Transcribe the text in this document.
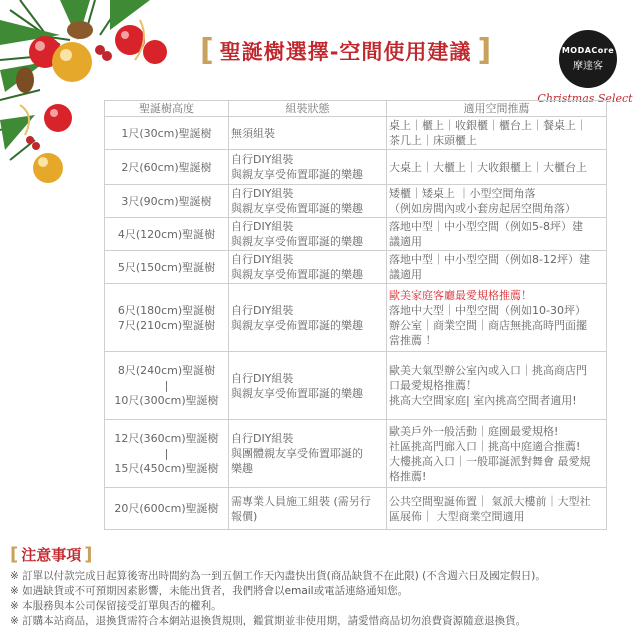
[ 聖誕樹選擇-空間使用建議 ]	MODACore
摩達客
Christmas Select
聖誕樹高度	組裝狀態	適用空間推薦

1尺(30cm)聖誕樹	無須組裝	桌上｜櫃上｜收銀櫃｜櫃台上｜餐桌上｜
茶几上｜床頭櫃上

2尺(60cm)聖誕樹	自行DIY組裝
與親友享受佈置耶誕的樂趣	大桌上｜大櫃上｜大收銀櫃上｜大櫃台上

3尺(90cm)聖誕樹	自行DIY組裝
與親友享受佈置耶誕的樂趣	矮櫃｜矮桌上 ｜小型空間角落
（例如房間內或小套房起居空間角落）

4尺(120cm)聖誕樹	自行DIY組裝
與親友享受佈置耶誕的樂趣	落地中型｜中小型空間（例如5-8坪）建
議適用

5尺(150cm)聖誕樹	自行DIY組裝
與親友享受佈置耶誕的樂趣	落地中型｜中小型空間（例如8-12坪）建
議適用

6尺(180cm)聖誕樹
7尺(210cm)聖誕樹	自行DIY組裝
與親友享受佈置耶誕的樂趣	歐美家庭客廳最愛規格推薦！
落地中大型｜中型空間（例如10-30坪）
辦公室｜商業空間｜商店無挑高時門面擺
當推薦 ！

8尺(240cm)聖誕樹
|
10尺(300cm)聖誕樹	自行DIY組裝
與親友享受佈置耶誕的樂趣	歐美大氣型辦公室內或入口｜挑高商店門
口最愛規格推薦！
挑高大空間家庭| 室內挑高空間者適用!

12尺(360cm)聖誕樹
|
15尺(450cm)聖誕樹	自行DIY組裝
與團體親友享受佈置耶誕的
樂趣	歐美戶外一般活動｜庭園最愛規格!
社區挑高門廊入口｜挑高中庭適合推薦!
大樓挑高入口｜一般耶誕派對舞會 最愛規
格推薦!

20尺(600cm)聖誕樹	需專業人員施工組裝 (需另行
報價)	公共空間聖誕佈置｜ 氣派大樓前｜大型社
區展佈｜ 大型商業空間適用
[ 注意事項 ]
※ 訂單以付款完成日起算後寄出時間約為一到五個工作天內盡快出貨(商品缺貨不在此限) (不含週六日及國定假日)。
※ 如遇缺貨或不可預期因素影響，未能出貨者，我們將會以email或電話連絡通知您。
※ 本服務與本公司保留接受訂單與否的權利。
※ 訂購本站商品，退換貨需符合本網站退換貨規則，鑑賞期並非使用期，請愛惜商品切勿浪費資源隨意退換貨。
